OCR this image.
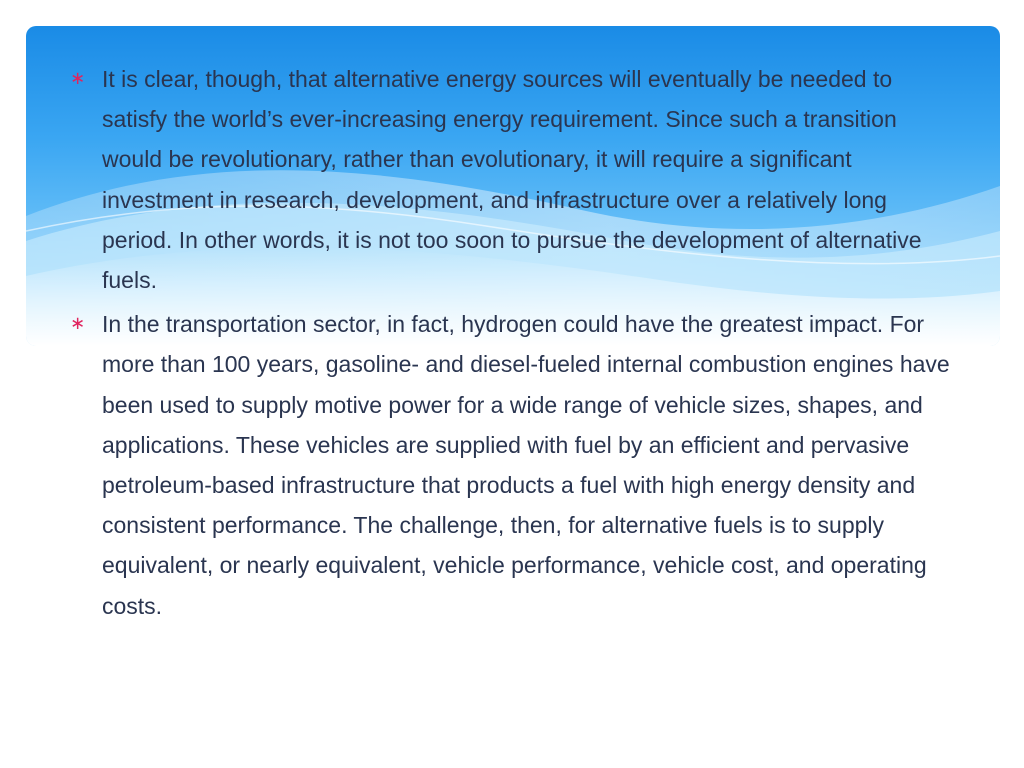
∗ It is clear, though, that alternative energy sources will eventually be needed to satisfy the world’s ever-increasing energy requirement. Since such a transition would be revolutionary, rather than evolutionary, it will require a significant investment in research, development, and infrastructure over a relatively long period. In other words, it is not too soon to pursue the development of alternative fuels.
∗ In the transportation sector, in fact, hydrogen could have the greatest impact. For more than 100 years, gasoline- and diesel-fueled internal combustion engines have been used to supply motive power for a wide range of vehicle sizes, shapes, and applications. These vehicles are supplied with fuel by an efficient and pervasive petroleum-based infrastructure that products a fuel with high energy density and consistent performance. The challenge, then, for alternative fuels is to supply equivalent, or nearly equivalent, vehicle performance, vehicle cost, and operating costs.
